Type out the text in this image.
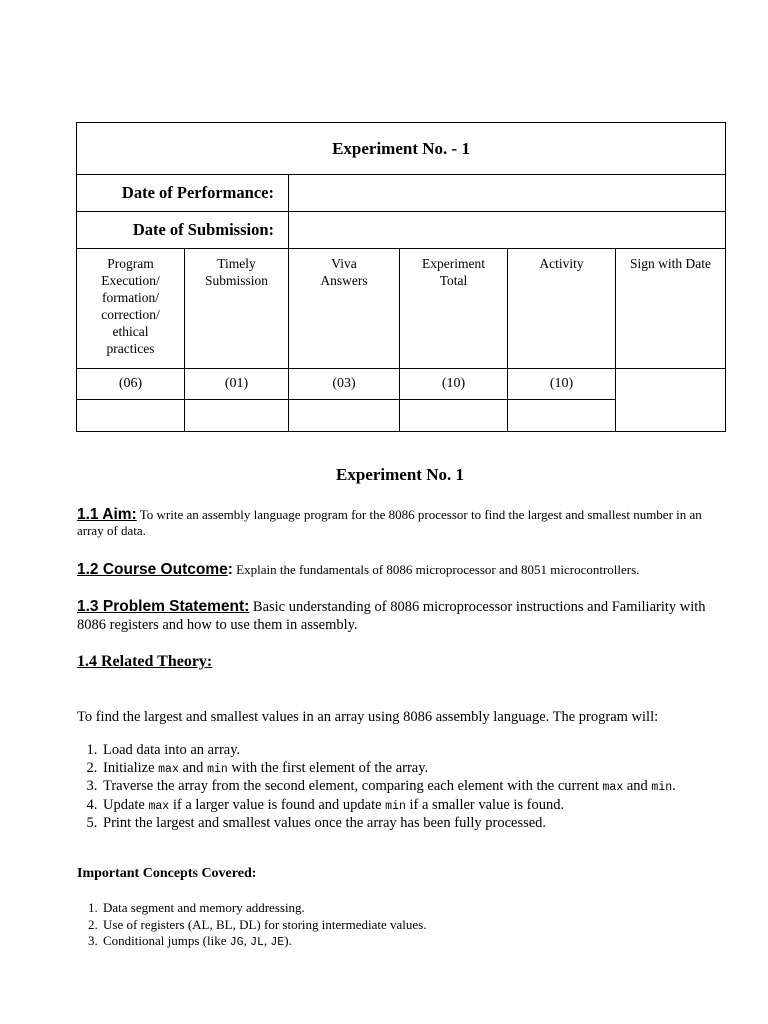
Experiment No. - 1					
Date of Performance:					
Date of Submission:					
Program Execution/ formation/ correction/ ethical practices	Timely Submission	Viva Answers	Experiment Total	Activity	Sign with Date
(06)	(01)	(03)	(10)	(10)	

Experiment No. 1
1.1 Aim: To write an assembly language program for the 8086 processor to find the largest and smallest number in an array of data.
1.2 Course Outcome: Explain the fundamentals of 8086 microprocessor and 8051 microcontrollers.
1.3 Problem Statement: Basic understanding of 8086 microprocessor instructions and Familiarity with 8086 registers and how to use them in assembly.
1.4 Related Theory:
To find the largest and smallest values in an array using 8086 assembly language. The program will:
1. Load data into an array.
2. Initialize max and min with the first element of the array.
3. Traverse the array from the second element, comparing each element with the current max and min.
4. Update max if a larger value is found and update min if a smaller value is found.
5. Print the largest and smallest values once the array has been fully processed.
Important Concepts Covered:
1. Data segment and memory addressing.
2. Use of registers (AL, BL, DL) for storing intermediate values.
3. Conditional jumps (like JG, JL, JE).
